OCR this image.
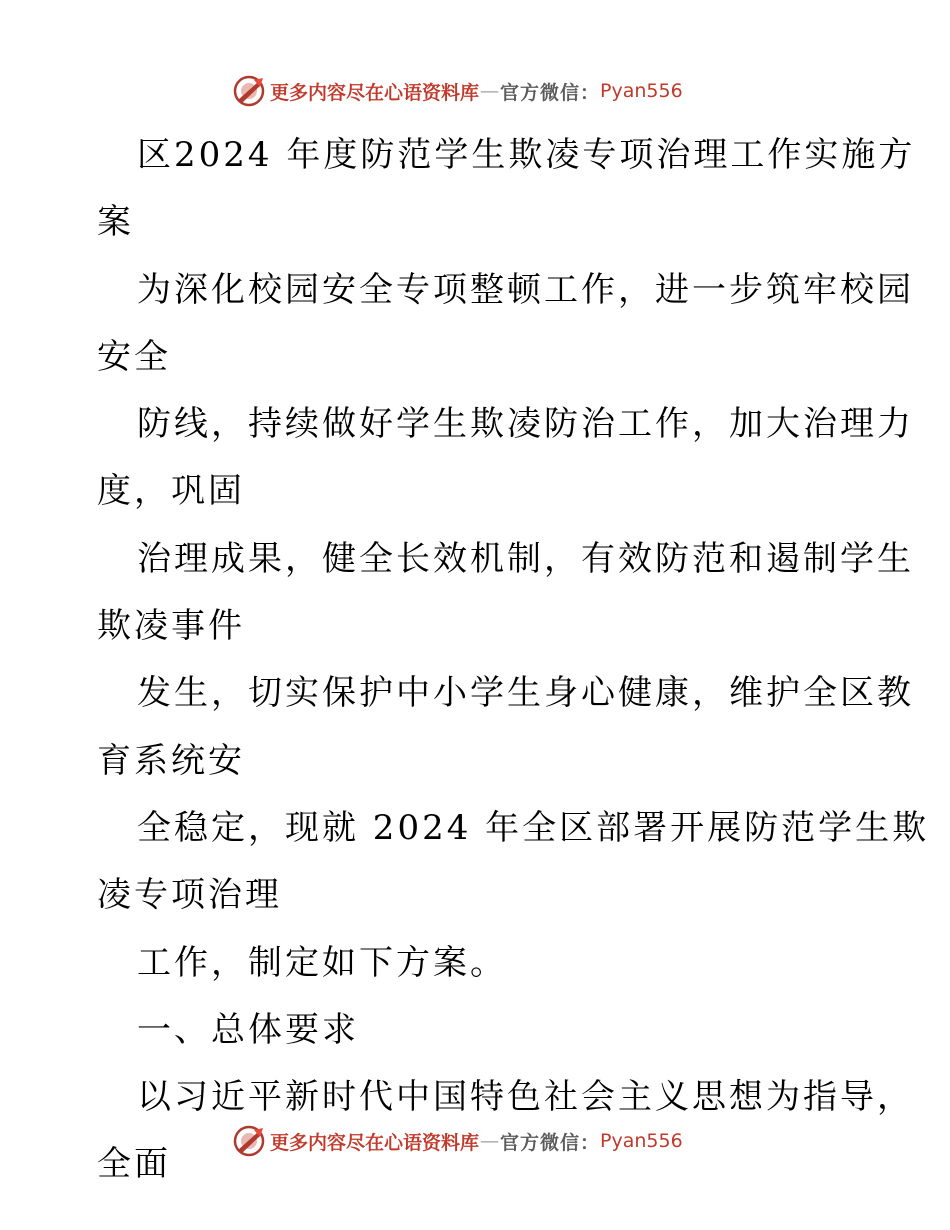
更多内容尽在心语资料库 — 官方微信： Pyan556
区2024 年度防范学生欺凌专项治理工作实施方
案
为深化校园安全专项整顿工作，进一步筑牢校园
安全
防线，持续做好学生欺凌防治工作，加大治理力
度，巩固
治理成果，健全长效机制，有效防范和遏制学生
欺凌事件
发生，切实保护中小学生身心健康，维护全区教
育系统安
全稳定，现就 2024 年全区部署开展防范学生欺
凌专项治理
工作，制定如下方案。
一、总体要求
以习近平新时代中国特色社会主义思想为指导，
全面
更多内容尽在心语资料库 — 官方微信： Pyan556
